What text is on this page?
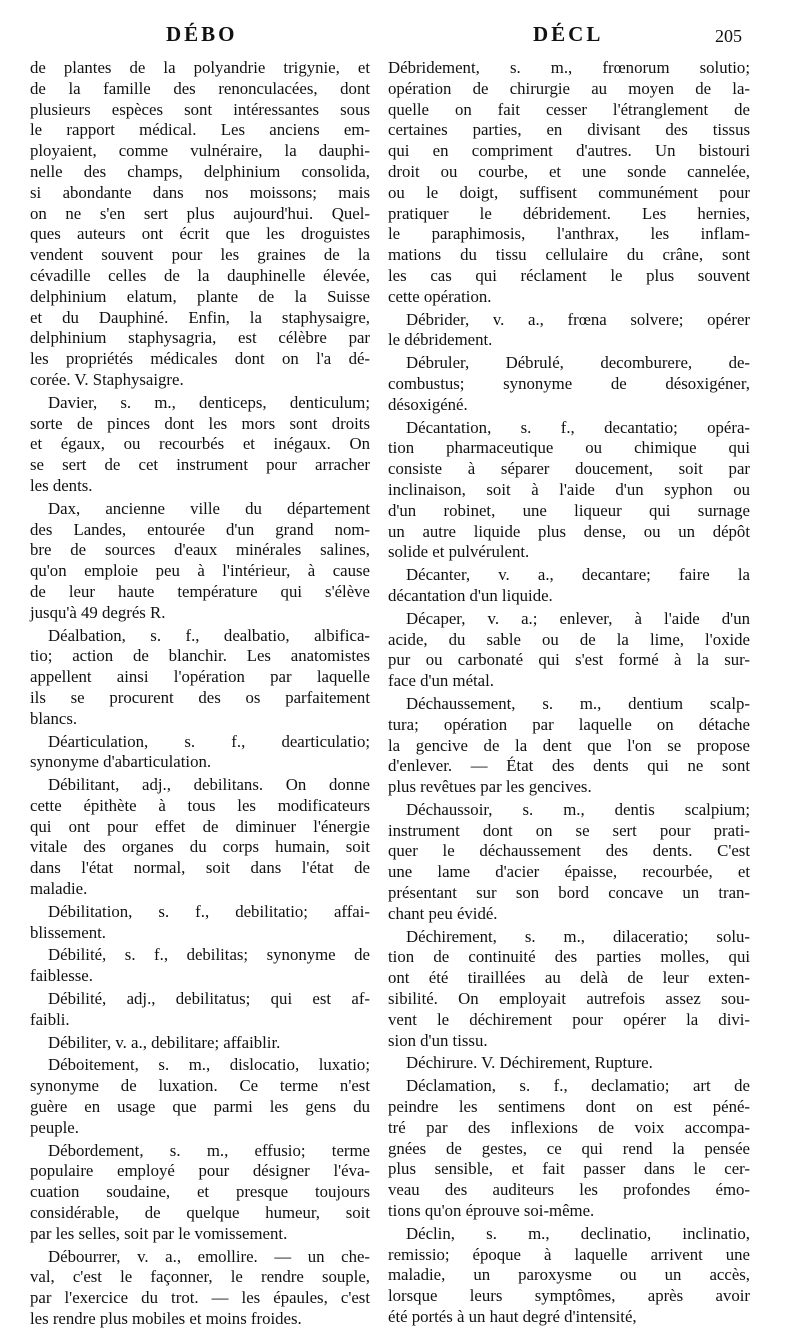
DÉBO	DÉCL	205
de plantes de la polyandrie trigynie, et
de la famille des renonculacées, dont
plusieurs espèces sont intéressantes sous
le rapport médical. Les anciens em-
ployaient, comme vulnéraire, la dauphi-
nelle des champs, delphinium consolida,
si abondante dans nos moissons; mais
on ne s'en sert plus aujourd'hui. Quel-
ques auteurs ont écrit que les droguistes
vendent souvent pour les graines de la
cévadille celles de la dauphinelle élevée,
delphinium elatum, plante de la Suisse
et du Dauphiné. Enfin, la staphysaigre,
delphinium staphysagria, est célèbre par
les propriétés médicales dont on l'a dé-
corée. V. Staphysaigre.
Davier, s. m., denticeps, denticulum;
sorte de pinces dont les mors sont droits
et égaux, ou recourbés et inégaux. On
se sert de cet instrument pour arracher
les dents.
Dax, ancienne ville du département
des Landes, entourée d'un grand nom-
bre de sources d'eaux minérales salines,
qu'on emploie peu à l'intérieur, à cause
de leur haute température qui s'élève
jusqu'à 49 degrés R.
Déalbation, s. f., dealbatio, albifica-
tio; action de blanchir. Les anatomistes
appellent ainsi l'opération par laquelle
ils se procurent des os parfaitement
blancs.
Déarticulation, s. f., dearticulatio;
synonyme d'abarticulation.
Débilitant, adj., debilitans. On donne
cette épithète à tous les modificateurs
qui ont pour effet de diminuer l'énergie
vitale des organes du corps humain, soit
dans l'état normal, soit dans l'état de
maladie.
Débilitation, s. f., debilitatio; affai-
blissement.
Débilité, s. f., debilitas; synonyme de
faiblesse.
Débilité, adj., debilitatus; qui est af-
faibli.
Débiliter, v. a., debilitare; affaiblir.
Déboitement, s. m., dislocatio, luxatio;
synonyme de luxation. Ce terme n'est
guère en usage que parmi les gens du
peuple.
Débordement, s. m., effusio; terme
populaire employé pour désigner l'éva-
cuation soudaine, et presque toujours
considérable, de quelque humeur, soit
par les selles, soit par le vomissement.
Débourrer, v. a., emollire. — un che-
val, c'est le façonner, le rendre souple,
par l'exercice du trot. — les épaules, c'est
les rendre plus mobiles et moins froides.
Débridement, s. m., frœnorum solutio;
opération de chirurgie au moyen de la-
quelle on fait cesser l'étranglement de
certaines parties, en divisant des tissus
qui en compriment d'autres. Un bistouri
droit ou courbe, et une sonde cannelée,
ou le doigt, suffisent communément pour
pratiquer le débridement. Les hernies,
le paraphimosis, l'anthrax, les inflam-
mations du tissu cellulaire du crâne, sont
les cas qui réclament le plus souvent
cette opération.
Débrider, v. a., frœna solvere; opérer
le débridement.
Débruler, Débrulé, decomburere, de-
combustus; synonyme de désoxigéner,
désoxigéné.
Décantation, s. f., decantatio; opéra-
tion pharmaceutique ou chimique qui
consiste à séparer doucement, soit par
inclinaison, soit à l'aide d'un syphon ou
d'un robinet, une liqueur qui surnage
un autre liquide plus dense, ou un dépôt
solide et pulvérulent.
Décanter, v. a., decantare; faire la
décantation d'un liquide.
Décaper, v. a.; enlever, à l'aide d'un
acide, du sable ou de la lime, l'oxide
pur ou carbonaté qui s'est formé à la sur-
face d'un métal.
Déchaussement, s. m., dentium scalp-
tura; opération par laquelle on détache
la gencive de la dent que l'on se propose
d'enlever. — État des dents qui ne sont
plus revêtues par les gencives.
Déchaussoir, s. m., dentis scalpium;
instrument dont on se sert pour prati-
quer le déchaussement des dents. C'est
une lame d'acier épaisse, recourbée, et
présentant sur son bord concave un tran-
chant peu évidé.
Déchirement, s. m., dilaceratio; solu-
tion de continuité des parties molles, qui
ont été tiraillées au delà de leur exten-
sibilité. On employait autrefois assez sou-
vent le déchirement pour opérer la divi-
sion d'un tissu.
Déchirure. V. Déchirement, Rupture.
Déclamation, s. f., declamatio; art de
peindre les sentimens dont on est péné-
tré par des inflexions de voix accompa-
gnées de gestes, ce qui rend la pensée
plus sensible, et fait passer dans le cer-
veau des auditeurs les profondes émo-
tions qu'on éprouve soi-même.
Déclin, s. m., declinatio, inclinatio,
remissio; époque à laquelle arrivent une
maladie, un paroxysme ou un accès,
lorsque leurs symptômes, après avoir
été portés à un haut degré d'intensité,
